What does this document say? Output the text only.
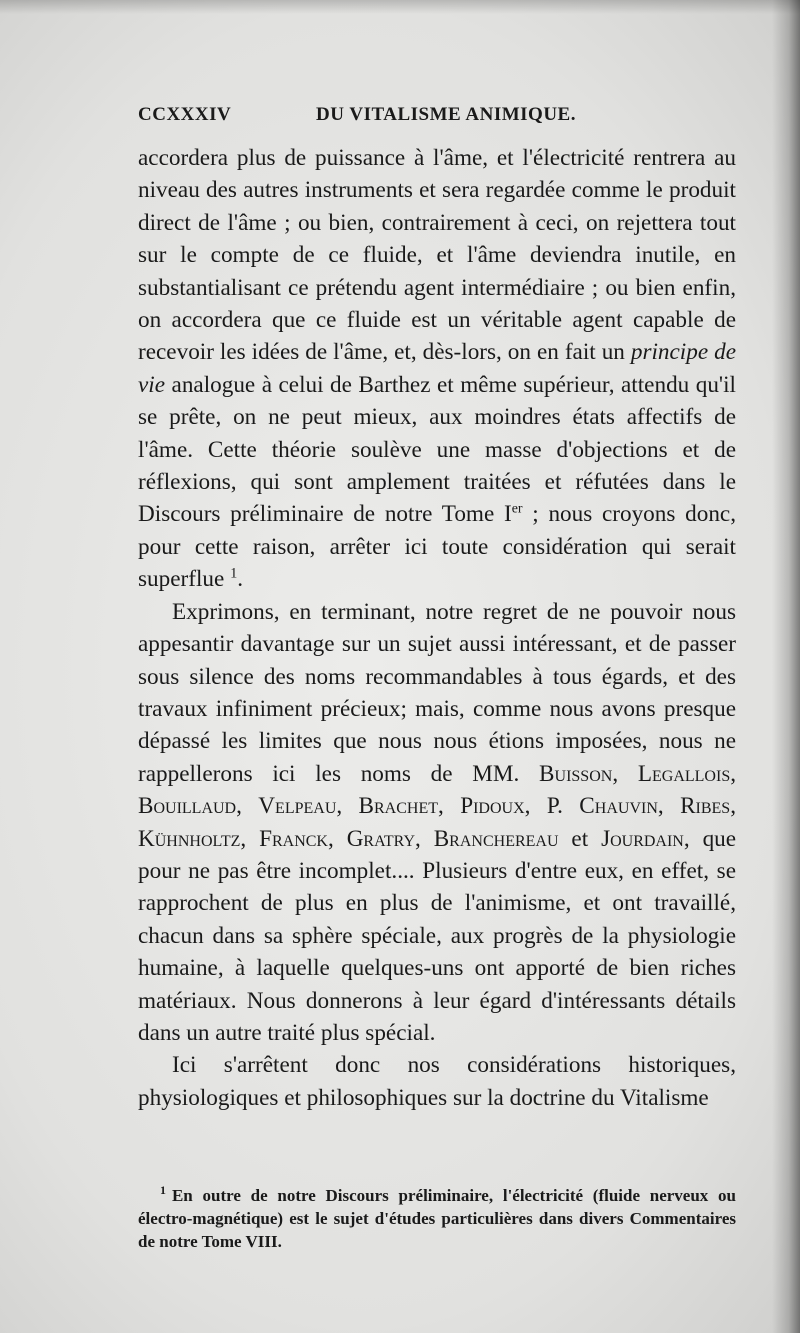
CCXXXIV	DU VITALISME ANIMIQUE.

accordera plus de puissance à l'âme, et l'électricité rentrera au niveau des autres instruments et sera regardée comme le produit direct de l'âme ; ou bien, contrairement à ceci, on rejettera tout sur le compte de ce fluide, et l'âme deviendra inutile, en substantialisant ce prétendu agent intermédiaire ; ou bien enfin, on accordera que ce fluide est un véritable agent capable de recevoir les idées de l'âme, et, dès-lors, on en fait un principe de vie analogue à celui de Barthez et même supérieur, attendu qu'il se prête, on ne peut mieux, aux moindres états affectifs de l'âme. Cette théorie soulève une masse d'objections et de réflexions, qui sont amplement traitées et réfutées dans le Discours préliminaire de notre Tome Ier ; nous croyons donc, pour cette raison, arrêter ici toute considération qui serait superflue $^1$.

Exprimons, en terminant, notre regret de ne pouvoir nous appesantir davantage sur un sujet aussi intéressant, et de passer sous silence des noms recommandables à tous égards, et des travaux infiniment précieux; mais, comme nous avons presque dépassé les limites que nous nous étions imposées, nous ne rappellerons ici les noms de MM. Buisson, Legallois, Bouillaud, Velpeau, Brachet, Pidoux, P. Chauvin, Ribes, Kühnholtz, Franck, Gratry, Branchereau et Jourdain, que pour ne pas être incomplet.... Plusieurs d'entre eux, en effet, se rapprochent de plus en plus de l'animisme, et ont travaillé, chacun dans sa sphère spéciale, aux progrès de la physiologie humaine, à laquelle quelques-uns ont apporté de bien riches matériaux. Nous donnerons à leur égard d'intéressants détails dans un autre traité plus spécial.

Ici s'arrêtent donc nos considérations historiques, physiologiques et philosophiques sur la doctrine du Vitalisme

$^1$ En outre de notre Discours préliminaire, l'électricité (fluide nerveux ou électro-magnétique) est le sujet d'études particulières dans divers Commentaires de notre Tome VIII.
